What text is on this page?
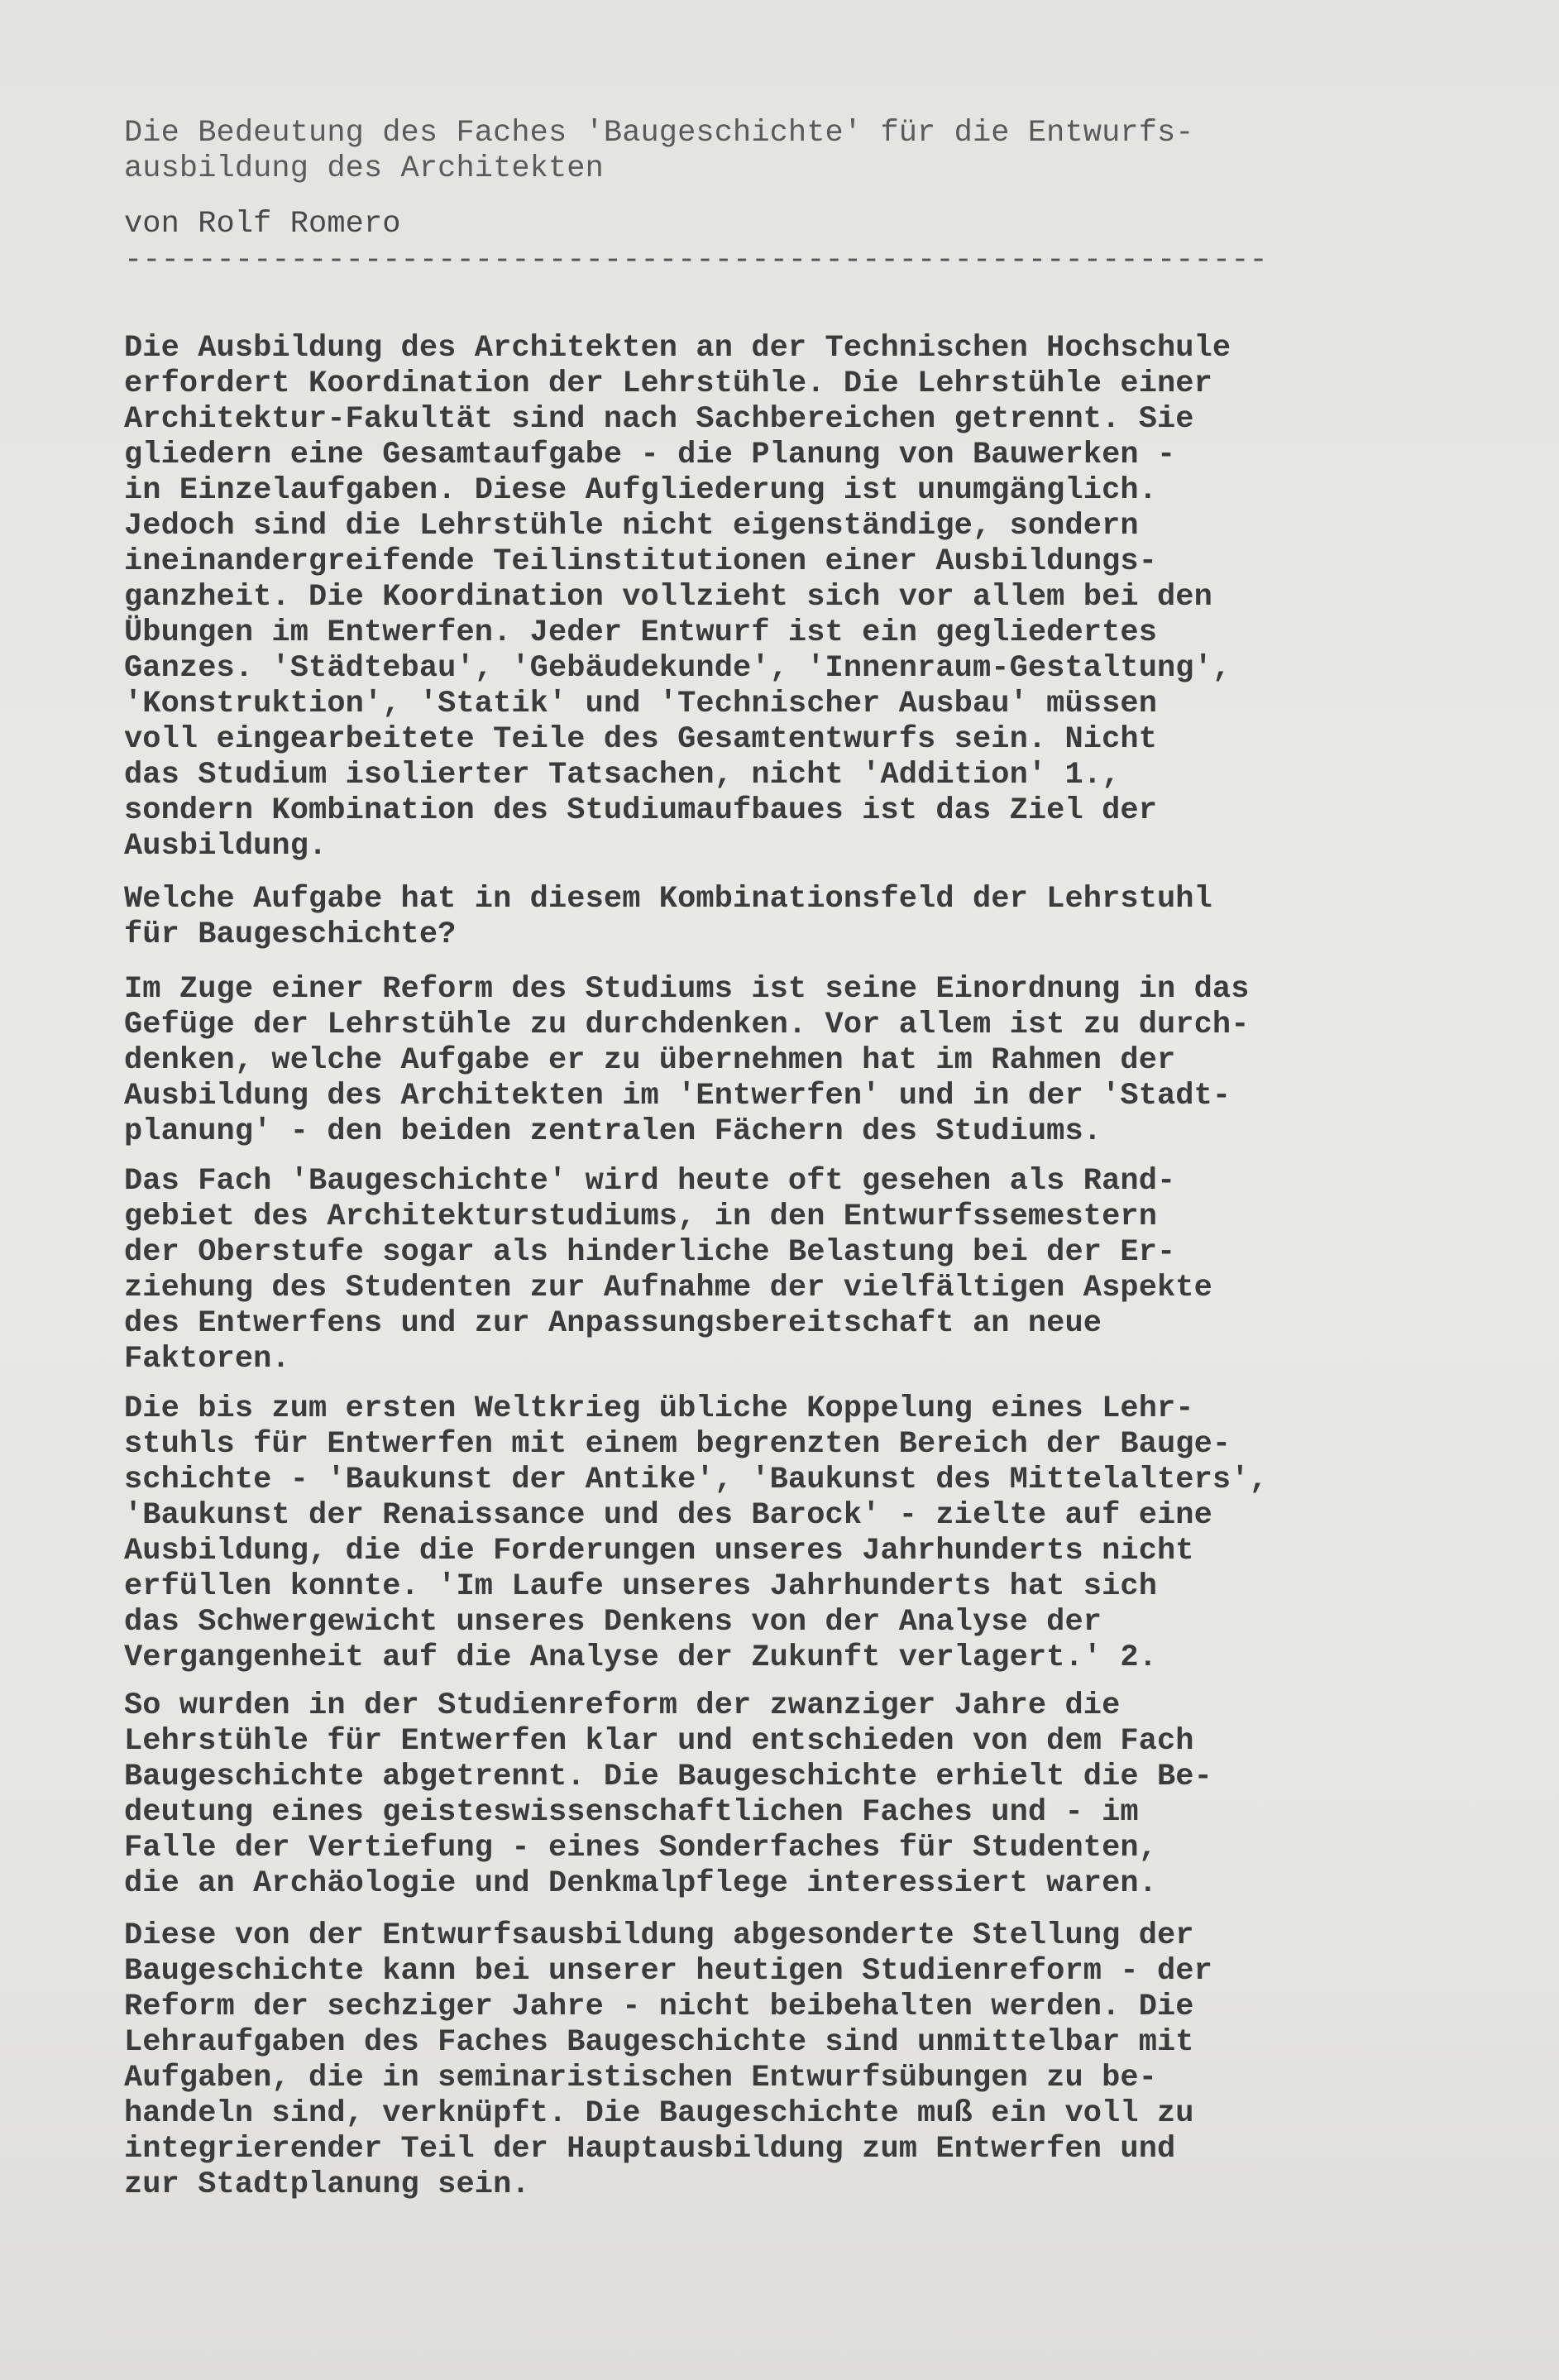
Die Bedeutung des Faches 'Baugeschichte' für die Entwurfs-
ausbildung des Architekten
von Rolf Romero
--------------------------------------------------------------
Die Ausbildung des Architekten an der Technischen Hochschule
erfordert Koordination der Lehrstühle. Die Lehrstühle einer
Architektur-Fakultät sind nach Sachbereichen getrennt. Sie
gliedern eine Gesamtaufgabe - die Planung von Bauwerken -
in Einzelaufgaben. Diese Aufgliederung ist unumgänglich.
Jedoch sind die Lehrstühle nicht eigenständige, sondern
ineinandergreifende Teilinstitutionen einer Ausbildungs-
ganzheit. Die Koordination vollzieht sich vor allem bei den
Übungen im Entwerfen. Jeder Entwurf ist ein gegliedertes
Ganzes. 'Städtebau', 'Gebäudekunde', 'Innenraum-Gestaltung',
'Konstruktion', 'Statik' und 'Technischer Ausbau' müssen
voll eingearbeitete Teile des Gesamtentwurfs sein. Nicht
das Studium isolierter Tatsachen, nicht 'Addition' 1.,
sondern Kombination des Studiumaufbaues ist das Ziel der
Ausbildung.
Welche Aufgabe hat in diesem Kombinationsfeld der Lehrstuhl
für Baugeschichte?
Im Zuge einer Reform des Studiums ist seine Einordnung in das
Gefüge der Lehrstühle zu durchdenken. Vor allem ist zu durch-
denken, welche Aufgabe er zu übernehmen hat im Rahmen der
Ausbildung des Architekten im 'Entwerfen' und in der 'Stadt-
planung' - den beiden zentralen Fächern des Studiums.
Das Fach 'Baugeschichte' wird heute oft gesehen als Rand-
gebiet des Architekturstudiums, in den Entwurfssemestern
der Oberstufe sogar als hinderliche Belastung bei der Er-
ziehung des Studenten zur Aufnahme der vielfältigen Aspekte
des Entwerfens und zur Anpassungsbereitschaft an neue
Faktoren.
Die bis zum ersten Weltkrieg übliche Koppelung eines Lehr-
stuhls für Entwerfen mit einem begrenzten Bereich der Bauge-
schichte - 'Baukunst der Antike', 'Baukunst des Mittelalters',
'Baukunst der Renaissance und des Barock' - zielte auf eine
Ausbildung, die die Forderungen unseres Jahrhunderts nicht
erfüllen konnte. 'Im Laufe unseres Jahrhunderts hat sich
das Schwergewicht unseres Denkens von der Analyse der
Vergangenheit auf die Analyse der Zukunft verlagert.' 2.
So wurden in der Studienreform der zwanziger Jahre die
Lehrstühle für Entwerfen klar und entschieden von dem Fach
Baugeschichte abgetrennt. Die Baugeschichte erhielt die Be-
deutung eines geisteswissenschaftlichen Faches und - im
Falle der Vertiefung - eines Sonderfaches für Studenten,
die an Archäologie und Denkmalpflege interessiert waren.
Diese von der Entwurfsausbildung abgesonderte Stellung der
Baugeschichte kann bei unserer heutigen Studienreform - der
Reform der sechziger Jahre - nicht beibehalten werden. Die
Lehraufgaben des Faches Baugeschichte sind unmittelbar mit
Aufgaben, die in seminaristischen Entwurfsübungen zu be-
handeln sind, verknüpft. Die Baugeschichte muß ein voll zu
integrierender Teil der Hauptausbildung zum Entwerfen und
zur Stadtplanung sein.
